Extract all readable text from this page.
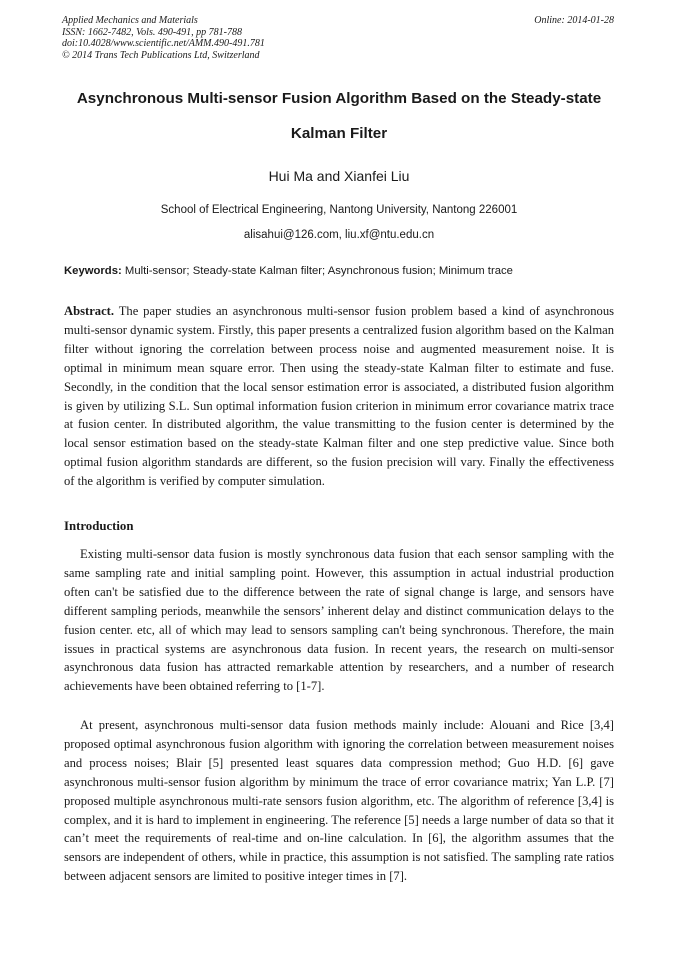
Applied Mechanics and Materials
ISSN: 1662-7482, Vols. 490-491, pp 781-788
doi:10.4028/www.scientific.net/AMM.490-491.781
© 2014 Trans Tech Publications Ltd, Switzerland
Online: 2014-01-28
Asynchronous Multi-sensor Fusion Algorithm Based on the Steady-state
Kalman Filter
Hui Ma and Xianfei Liu
School of Electrical Engineering, Nantong University, Nantong 226001
alisahui@126.com, liu.xf@ntu.edu.cn
Keywords: Multi-sensor; Steady-state Kalman filter; Asynchronous fusion; Minimum trace
Abstract. The paper studies an asynchronous multi-sensor fusion problem based a kind of asynchronous multi-sensor dynamic system. Firstly, this paper presents a centralized fusion algorithm based on the Kalman filter without ignoring the correlation between process noise and augmented measurement noise. It is optimal in minimum mean square error. Then using the steady-state Kalman filter to estimate and fuse. Secondly, in the condition that the local sensor estimation error is associated, a distributed fusion algorithm is given by utilizing S.L. Sun optimal information fusion criterion in minimum error covariance matrix trace at fusion center. In distributed algorithm, the value transmitting to the fusion center is determined by the local sensor estimation based on the steady-state Kalman filter and one step predictive value. Since both optimal fusion algorithm standards are different, so the fusion precision will vary. Finally the effectiveness of the algorithm is verified by computer simulation.
Introduction
Existing multi-sensor data fusion is mostly synchronous data fusion that each sensor sampling with the same sampling rate and initial sampling point. However, this assumption in actual industrial production often can't be satisfied due to the difference between the rate of signal change is large, and sensors have different sampling periods, meanwhile the sensors’ inherent delay and distinct communication delays to the fusion center. etc, all of which may lead to sensors sampling can't being synchronous. Therefore, the main issues in practical systems are asynchronous data fusion. In recent years, the research on multi-sensor asynchronous data fusion has attracted remarkable attention by researchers, and a number of research achievements have been obtained referring to [1-7].
At present, asynchronous multi-sensor data fusion methods mainly include: Alouani and Rice [3,4] proposed optimal asynchronous fusion algorithm with ignoring the correlation between measurement noises and process noises; Blair [5] presented least squares data compression method; Guo H.D. [6] gave asynchronous multi-sensor fusion algorithm by minimum the trace of error covariance matrix; Yan L.P. [7] proposed multiple asynchronous multi-rate sensors fusion algorithm, etc. The algorithm of reference [3,4] is complex, and it is hard to implement in engineering. The reference [5] needs a large number of data so that it can’t meet the requirements of real-time and on-line calculation. In [6], the algorithm assumes that the sensors are independent of others, while in practice, this assumption is not satisfied. The sampling rate ratios between adjacent sensors are limited to positive integer times in [7].
